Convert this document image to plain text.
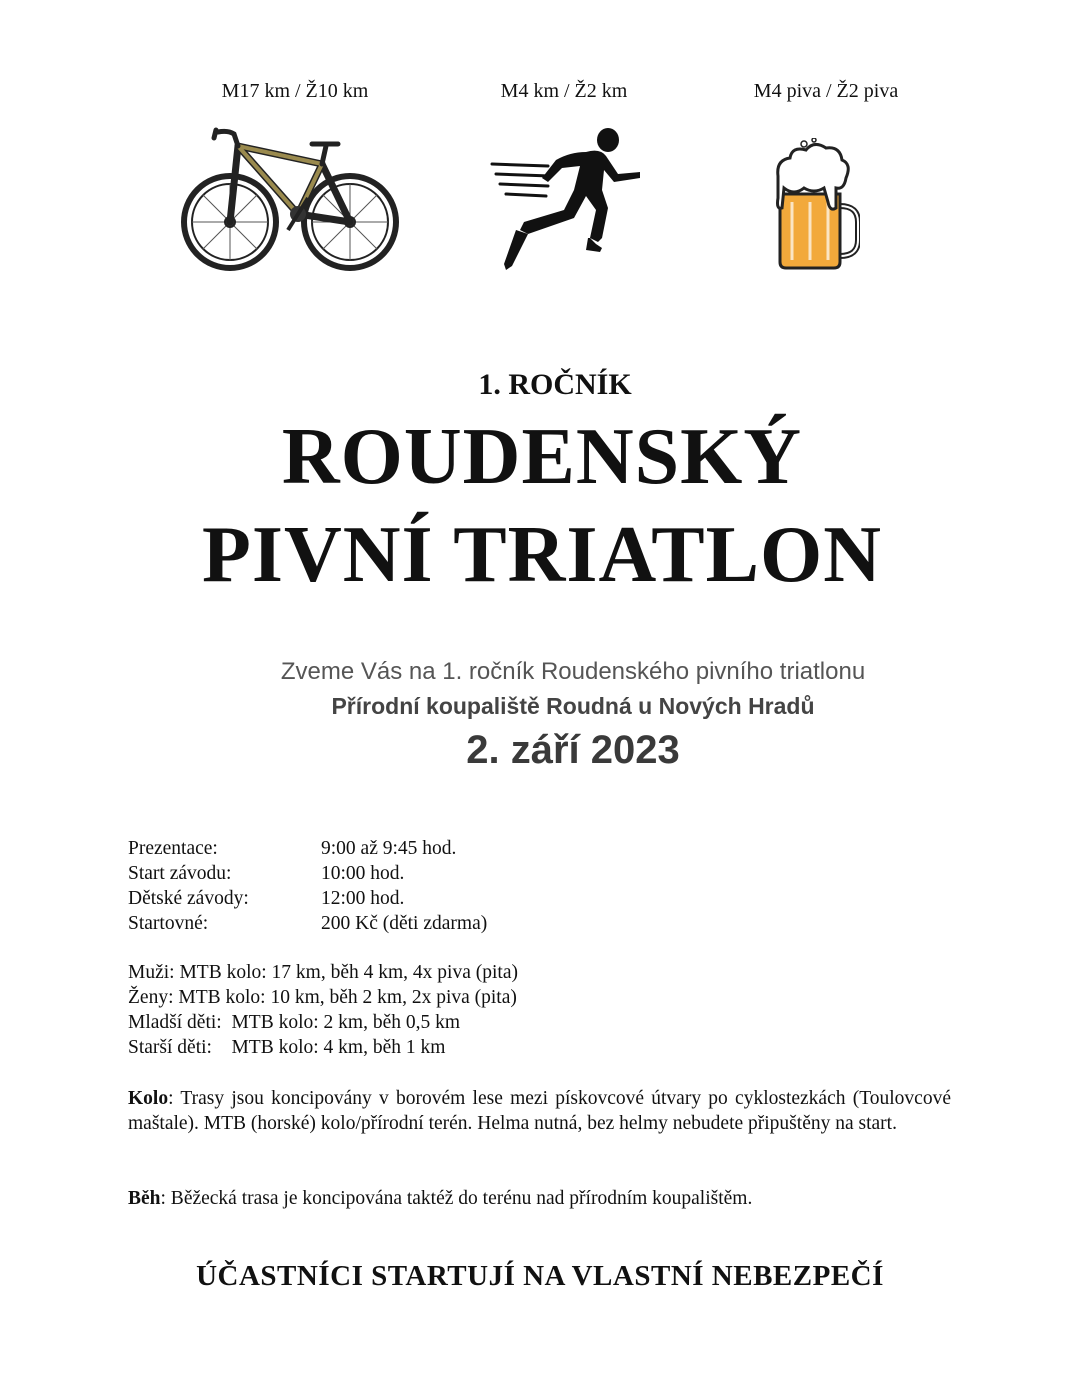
M17 km / Ž10 km	M4 km / Ž2 km	M4 piva / Ž2 piva
1. ROČNÍK
ROUDENSKÝ
PIVNÍ TRIATLON
Zveme Vás na 1. ročník Roudenského pivního triatlonu
Přírodní koupaliště Roudná u Nových Hradů
2. září 2023
Prezentace:	9:00 až 9:45 hod.
Start závodu:	10:00 hod.
Dětské závody:	12:00 hod.
Startovné:	200 Kč (děti zdarma)
Muži: MTB kolo: 17 km, běh 4 km, 4x piva (pita)
Ženy: MTB kolo: 10 km, běh 2 km, 2x piva (pita)
Mladší děti:  MTB kolo: 2 km, běh 0,5 km
Starší děti:    MTB kolo: 4 km, běh 1 km
Kolo: Trasy jsou koncipovány v borovém lese mezi pískovcové útvary po cyklostezkách (Toulovcové maštale). MTB (horské) kolo/přírodní terén. Helma nutná, bez helmy nebudete připuštěny na start.
Běh: Běžecká trasa je koncipována taktéž do terénu nad přírodním koupalištěm.
ÚČASTNÍCI STARTUJÍ NA VLASTNÍ NEBEZPEČÍ
